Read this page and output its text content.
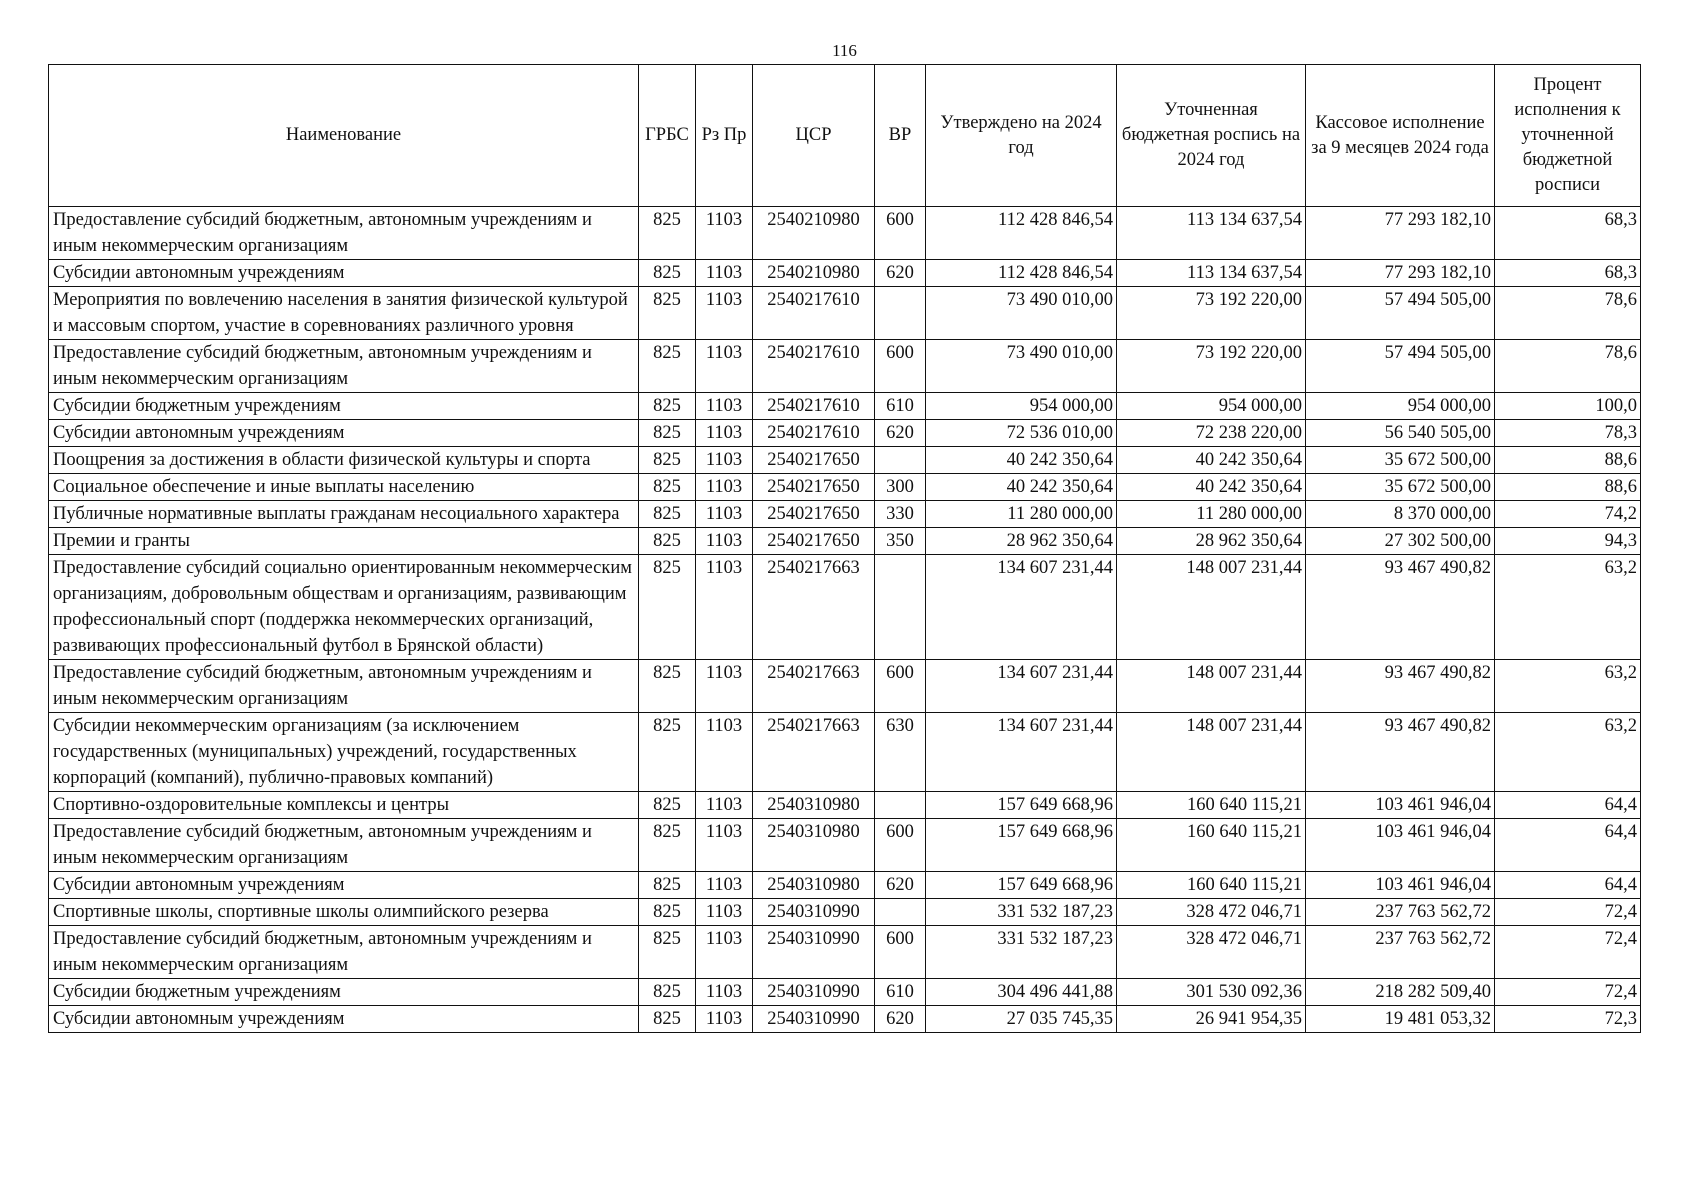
116
Наименование	ГРБС	Рз Пр	ЦСР	ВР	Утверждено на 2024 год	Уточненная бюджетная роспись на 2024 год	Кассовое исполнение за 9 месяцев 2024 года	Процент исполнения к уточненной бюджетной росписи
Предоставление субсидий бюджетным, автономным учреждениям и иным некоммерческим организациям	825	1103	2540210980	600	112 428 846,54	113 134 637,54	77 293 182,10	68,3
Субсидии автономным учреждениям	825	1103	2540210980	620	112 428 846,54	113 134 637,54	77 293 182,10	68,3
Мероприятия по вовлечению населения в занятия физической культурой и массовым спортом, участие в соревнованиях различного уровня	825	1103	2540217610		73 490 010,00	73 192 220,00	57 494 505,00	78,6
Предоставление субсидий бюджетным, автономным учреждениям и иным некоммерческим организациям	825	1103	2540217610	600	73 490 010,00	73 192 220,00	57 494 505,00	78,6
Субсидии бюджетным учреждениям	825	1103	2540217610	610	954 000,00	954 000,00	954 000,00	100,0
Субсидии автономным учреждениям	825	1103	2540217610	620	72 536 010,00	72 238 220,00	56 540 505,00	78,3
Поощрения за достижения в области физической культуры и спорта	825	1103	2540217650		40 242 350,64	40 242 350,64	35 672 500,00	88,6
Социальное обеспечение и иные выплаты населению	825	1103	2540217650	300	40 242 350,64	40 242 350,64	35 672 500,00	88,6
Публичные нормативные выплаты гражданам несоциального характера	825	1103	2540217650	330	11 280 000,00	11 280 000,00	8 370 000,00	74,2
Премии и гранты	825	1103	2540217650	350	28 962 350,64	28 962 350,64	27 302 500,00	94,3
Предоставление субсидий социально ориентированным некоммерческим организациям, добровольным обществам и организациям, развивающим профессиональный спорт (поддержка некоммерческих организаций, развивающих профессиональный футбол в Брянской области)	825	1103	2540217663		134 607 231,44	148 007 231,44	93 467 490,82	63,2
Предоставление субсидий бюджетным, автономным учреждениям и иным некоммерческим организациям	825	1103	2540217663	600	134 607 231,44	148 007 231,44	93 467 490,82	63,2
Субсидии некоммерческим организациям (за исключением государственных (муниципальных) учреждений, государственных корпораций (компаний), публично-правовых компаний)	825	1103	2540217663	630	134 607 231,44	148 007 231,44	93 467 490,82	63,2
Спортивно-оздоровительные комплексы и центры	825	1103	2540310980		157 649 668,96	160 640 115,21	103 461 946,04	64,4
Предоставление субсидий бюджетным, автономным учреждениям и иным некоммерческим организациям	825	1103	2540310980	600	157 649 668,96	160 640 115,21	103 461 946,04	64,4
Субсидии автономным учреждениям	825	1103	2540310980	620	157 649 668,96	160 640 115,21	103 461 946,04	64,4
Спортивные школы, спортивные школы олимпийского резерва	825	1103	2540310990		331 532 187,23	328 472 046,71	237 763 562,72	72,4
Предоставление субсидий бюджетным, автономным учреждениям и иным некоммерческим организациям	825	1103	2540310990	600	331 532 187,23	328 472 046,71	237 763 562,72	72,4
Субсидии бюджетным учреждениям	825	1103	2540310990	610	304 496 441,88	301 530 092,36	218 282 509,40	72,4
Субсидии автономным учреждениям	825	1103	2540310990	620	27 035 745,35	26 941 954,35	19 481 053,32	72,3
